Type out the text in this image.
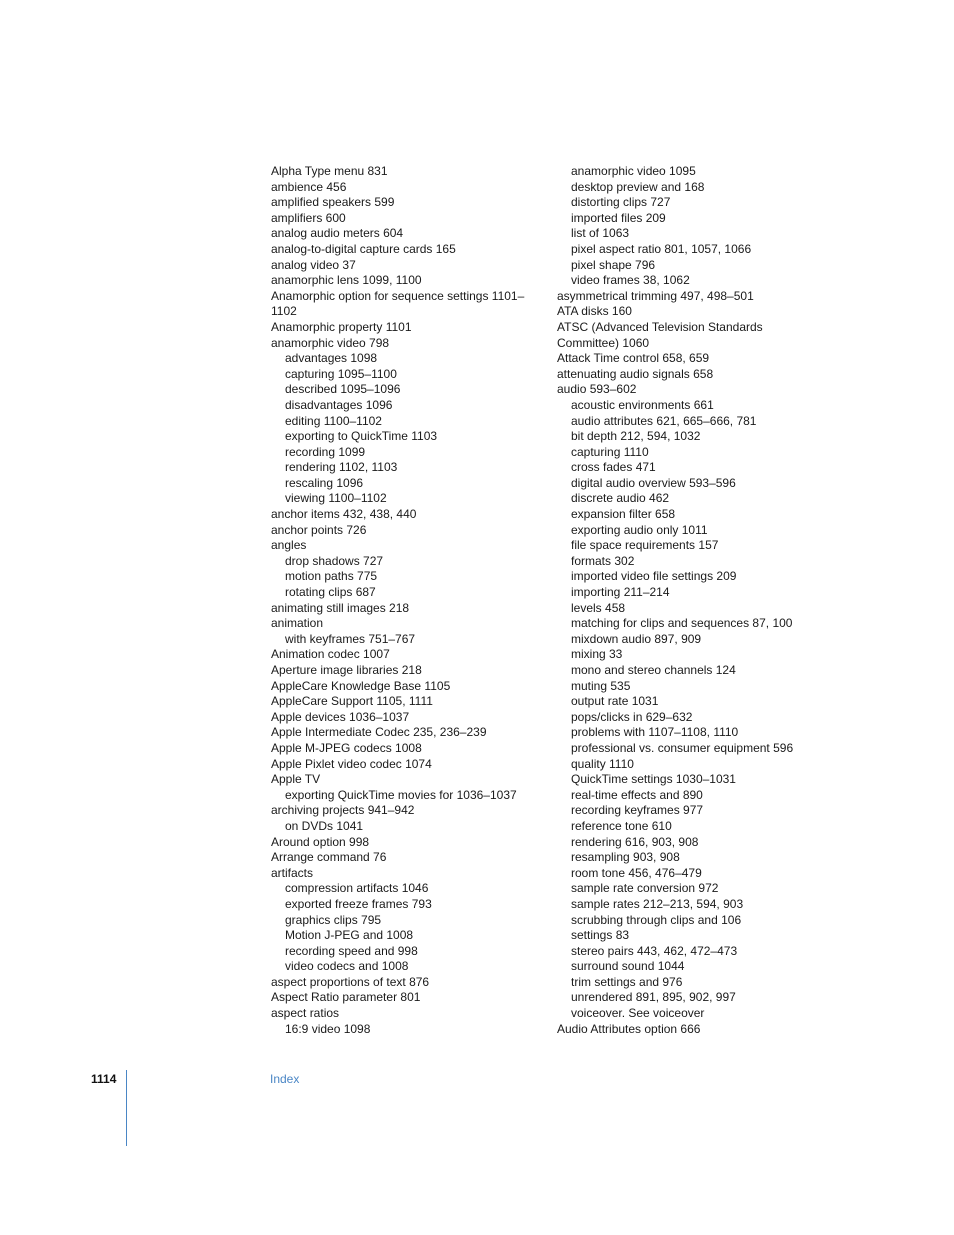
Alpha Type menu 831
ambience 456
amplified speakers 599
amplifiers 600
analog audio meters 604
analog-to-digital capture cards 165
analog video 37
anamorphic lens 1099, 1100
Anamorphic option for sequence settings 1101–1102
Anamorphic property 1101
anamorphic video 798
advantages 1098
capturing 1095–1100
described 1095–1096
disadvantages 1096
editing 1100–1102
exporting to QuickTime 1103
recording 1099
rendering 1102, 1103
rescaling 1096
viewing 1100–1102
anchor items 432, 438, 440
anchor points 726
angles
drop shadows 727
motion paths 775
rotating clips 687
animating still images 218
animation
with keyframes 751–767
Animation codec 1007
Aperture image libraries 218
AppleCare Knowledge Base 1105
AppleCare Support 1105, 1111
Apple devices 1036–1037
Apple Intermediate Codec 235, 236–239
Apple M-JPEG codecs 1008
Apple Pixlet video codec 1074
Apple TV
exporting QuickTime movies for 1036–1037
archiving projects 941–942
on DVDs 1041
Around option 998
Arrange command 76
artifacts
compression artifacts 1046
exported freeze frames 793
graphics clips 795
Motion J-PEG and 1008
recording speed and 998
video codecs and 1008
aspect proportions of text 876
Aspect Ratio parameter 801
aspect ratios
16:9 video 1098
anamorphic video 1095
desktop preview and 168
distorting clips 727
imported files 209
list of 1063
pixel aspect ratio 801, 1057, 1066
pixel shape 796
video frames 38, 1062
asymmetrical trimming 497, 498–501
ATA disks 160
ATSC (Advanced Television Standards Committee) 1060
Attack Time control 658, 659
attenuating audio signals 658
audio 593–602
acoustic environments 661
audio attributes 621, 665–666, 781
bit depth 212, 594, 1032
capturing 1110
cross fades 471
digital audio overview 593–596
discrete audio 462
expansion filter 658
exporting audio only 1011
file space requirements 157
formats 302
imported video file settings 209
importing 211–214
levels 458
matching for clips and sequences 87, 100
mixdown audio 897, 909
mixing 33
mono and stereo channels 124
muting 535
output rate 1031
pops/clicks in 629–632
problems with 1107–1108, 1110
professional vs. consumer equipment 596
quality 1110
QuickTime settings 1030–1031
real-time effects and 890
recording keyframes 977
reference tone 610
rendering 616, 903, 908
resampling 903, 908
room tone 456, 476–479
sample rate conversion 972
sample rates 212–213, 594, 903
scrubbing through clips and 106
settings 83
stereo pairs 443, 462, 472–473
surround sound 1044
trim settings and 976
unrendered 891, 895, 902, 997
voiceover. See voiceover
Audio Attributes option 666
1114	Index
